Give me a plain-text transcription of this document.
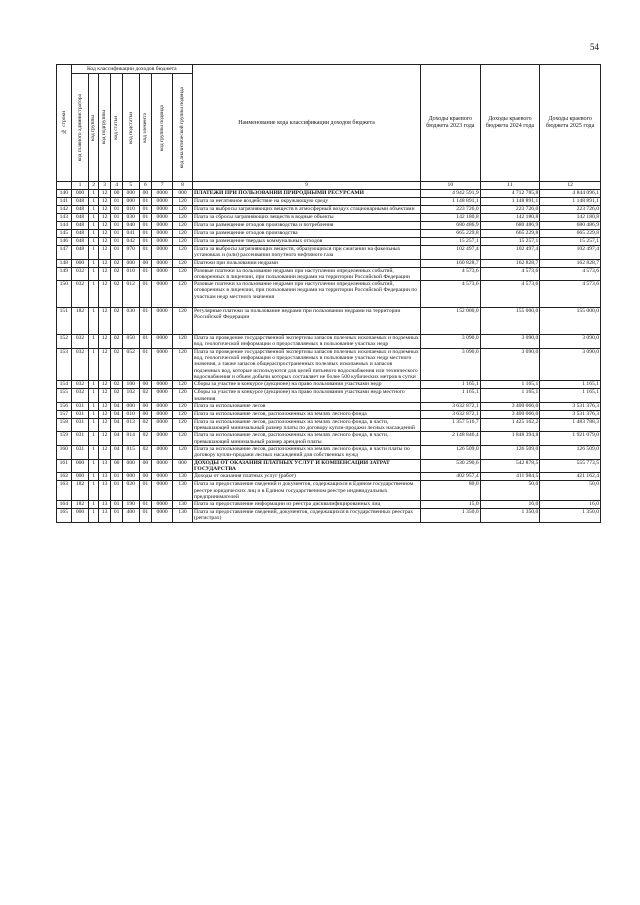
54
№ строки	Код классификации доходов бюджета								Наименование кода классификации доходов бюджета	Доходы краевого бюджета 2023 года	Доходы краевого бюджета 2024 года	Доходы краевого бюджета 2025 года

	код главного администратора	код группы	код подгруппы	код статьи	код подстатьи	код элемента	код группы подвида	код аналитической группы подвида				

	1	2	3	4	5	6	7	8	9	10	11	12
140	000	1	12	00	000	00	0000	000	ПЛАТЕЖИ ПРИ ПОЛЬЗОВАНИИ ПРИРОДНЫМИ РЕСУРСАМИ	4 942 591,9	4 712 785,8	4 844 096,1
141	048	1	12	01	000	01	0000	120	Плата за негативное воздействие на окружающую среду	1 148 891,1	1 148 891,1	1 148 891,1
142	048	1	12	01	010	01	0000	120	Плата за выбросы загрязняющих веществ в атмосферный воздух стационарными объектами	223 726,0	223 726,0	223 726,0
143	048	1	12	01	030	01	0000	120	Плата за сбросы загрязняющих веществ в водные объекты	142 180,8	142 180,8	142 180,8
144	048	1	12	01	040	01	0000	120	Плата за размещение отходов производства и потребления	680 486,9	680 486,9	680 486,9
145	048	1	12	01	041	01	0000	120	Плата за размещение отходов производства	665 229,8	665 229,8	665 229,8
146	048	1	12	01	042	01	0000	120	Плата за размещение твердых коммунальных отходов	15 257,1	15 257,1	15 257,1
147	048	1	12	01	070	01	0000	120	Плата за выбросы загрязняющих веществ, образующихся при сжигании на факельных установках и (или) рассеивании попутного нефтяного газа	102 497,4	102 497,4	102 497,4
148	000	1	12	02	000	00	0000	120	Платежи при пользовании недрами	160 828,7	162 828,7	162 828,7
149	032	1	12	02	010	01	0000	120	Разовые платежи за пользование недрами при наступлении определенных событий, оговоренных в лицензии, при пользовании недрами на территории Российской Федерации	4 573,6	4 573,6	4 573,6
150	032	1	12	02	012	01	0000	120	Разовые платежи за пользование недрами при наступлении определенных событий, оговоренных в лицензии, при пользовании недрами на территории Российской Федерации по участкам недр местного значения	4 573,6	4 573,6	4 573,6
151	182	1	12	02	030	01	0000	120	Регулярные платежи за пользование недрами при пользовании недрами на территории Российской Федерации	152 000,0	155 000,0	155 000,0
152	032	1	12	02	050	01	0000	120	Плата за проведение государственной экспертизы запасов полезных ископаемых и подземных вод, геологической информации о предоставляемых в пользование участках недр	3 090,0	3 090,0	3 090,0
153	032	1	12	02	052	01	0000	120	Плата за проведение государственной экспертизы запасов полезных ископаемых и подземных вод, геологической информации о предоставляемых в пользование участках недр местного значения, а также запасов общераспространенных полезных ископаемых и запасов подземных вод, которые используются для целей питьевого водоснабжения или технического водоснабжения и объем добычи которых составляет не более 500 кубических метров в сутки	3 090,0	3 090,0	3 090,0
154	032	1	12	02	100	00	0000	120	Сборы за участие в конкурсе (аукционе) на право пользования участками недр	1 165,1	1 165,1	1 165,1
155	032	1	12	02	102	02	0000	120	Сборы за участие в конкурсе (аукционе) на право пользования участками недр местного значения	1 165,1	1 165,1	1 165,1
156	031	1	12	04	000	00	0000	120	Плата за использование лесов	3 632 872,1	3 400 066,0	3 531 376,3
157	031	1	12	04	010	00	0000	120	Плата за использование лесов, расположенных на землях лесного фонда	3 632 872,1	3 400 066,0	3 531 376,3
158	031	1	12	04	013	02	0000	120	Плата за использование лесов, расположенных на землях лесного фонда, в части, превышающей минимальный размер платы по договору купли-продажи лесных насаждений	1 357 516,7	1 425 162,2	1 483 788,3
159	031	1	12	04	014	02	0000	120	Плата за использование лесов, расположенных на землях лесного фонда, в части, превышающей минимальный размер арендной платы	2 148 846,4	1 848 394,8	1 921 079,0
160	031	1	12	04	015	02	0000	120	Плата за использование лесов, расположенных на землях лесного фонда, в части платы по договору купли-продажи лесных насаждений для собственных нужд	126 509,0	126 509,0	126 509,0
161	000	1	13	00	000	00	0000	000	ДОХОДЫ ОТ ОКАЗАНИЯ ПЛАТНЫХ УСЛУГ И КОМПЕНСАЦИИ ЗАТРАТ ГОСУДАРСТВА	530 290,6	542 878,5	555 773,5
162	000	1	13	01	000	00	0000	130	Доходы от оказания платных услуг (работ)	402 957,4	411 984,5	421 162,4
163	182	1	13	01	020	01	0000	130	Плата за предоставление сведений и документов, содержащихся в Едином государственном реестре юридических лиц и в Едином государственном реестре индивидуальных предпринимателей	80,0	50,0	50,0
164	182	1	13	01	190	01	0000	130	Плата за предоставление информации из реестра дисквалифицированных лиц	15,0	16,0	16,0
165	000	1	13	01	400	01	0000	130	Плата за предоставление сведений, документов, содержащихся в государственных реестрах (регистрах)	1 350,0	1 350,0	1 350,0
